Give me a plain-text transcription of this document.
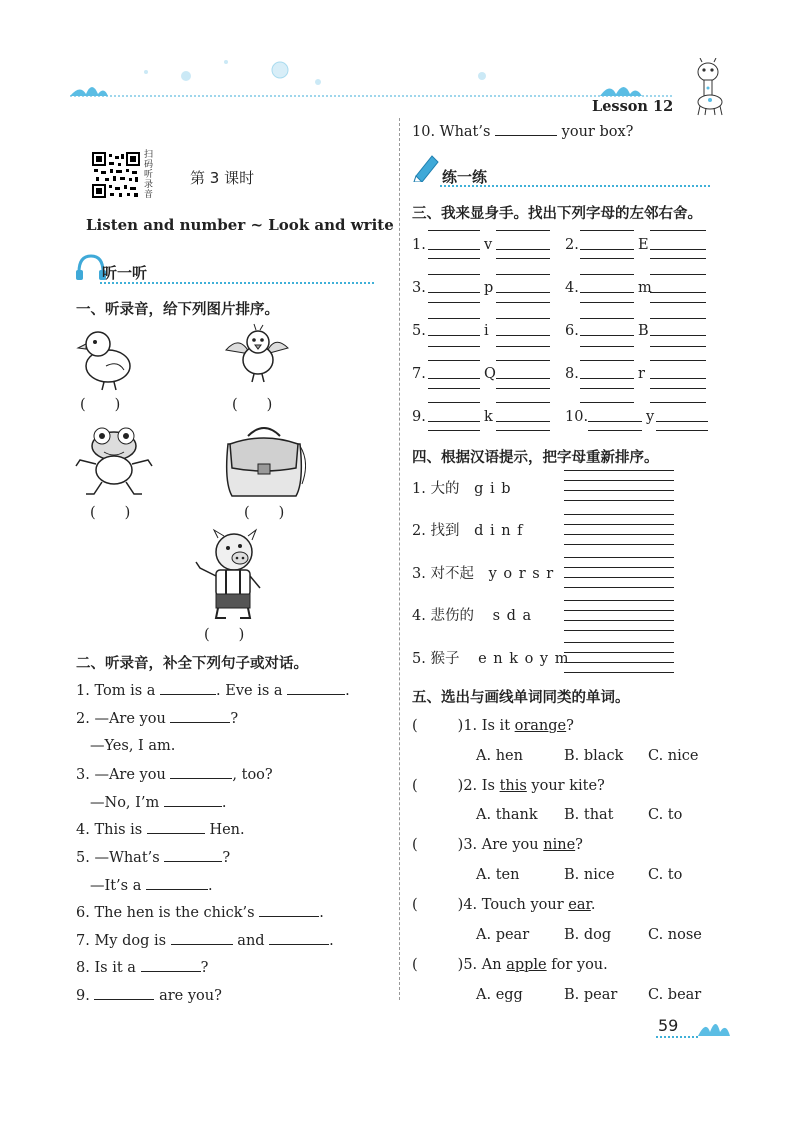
Lesson 12
扫
码
听
录
音
第 3 课时
Listen and number ~ Look and write
听一听
一、听录音，给下列图片排序。
(　　)	(　　)
(　　)	(　　)
(　　)
二、听录音，补全下列句子或对话。
1. Tom is a	. Eve is a	.
2. —Are you	?
—Yes, I am.
3. —Are you	, too?
—No, I’m	.
4. This is	Hen.
5. —What’s	?
—It’s a	.
6. The hen is the chick’s	.
7. My dog is	and	.
8. Is it a	?
9.	are you?
10. What’s	your box?
练一练
三、我来显身手。找出下列字母的左邻右舍。
1.	v	2.	E
3.	p	4.	m
5.	i	6.	B
7.	Q	8.	r
9.	k	10.	y
四、根据汉语提示，把字母重新排序。
1. 大的 g i b
2. 找到 d i n f
3. 对不起 y o r s r
4. 悲伤的 s d a
5. 猴子 e n k o y m
五、选出与画线单词同类的单词。
(	)1. Is it orange?
A. hen	B. black C. nice
(	)2. Is this your kite?
A. thank B. that C. to
(	)3. Are you nine?
A. ten	B. nice C. to
(	)4. Touch your ear.
A. pear B. dog	C. nose
(	)5. An apple for you.
A. egg	B. pear C. bear
59
